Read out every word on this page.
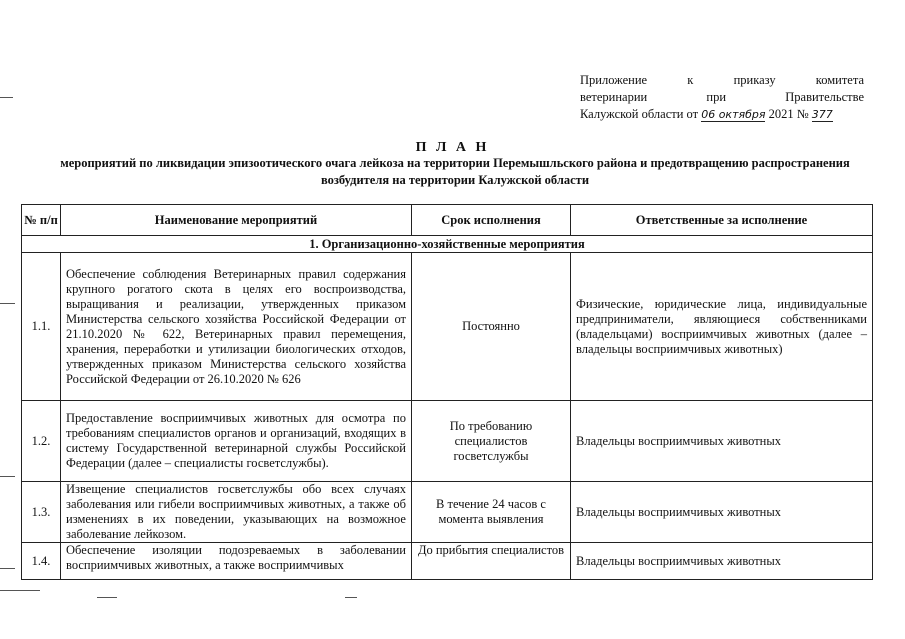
Приложение к приказу комитета
ветеринарии при Правительстве
Калужской области от 06 октября 2021 № 377
П Л А Н
мероприятий по ликвидации эпизоотического очага лейкоза на территории Перемышльского района и предотвращению распространения возбудителя на территории Калужской области
№ п/п	Наименование мероприятий	Срок исполнения	Ответственные за исполнение
1. Организационно-хозяйственные мероприятия			
1.1.	Обеспечение соблюдения Ветеринарных правил содержания крупного рогатого скота в целях его воспроизводства, выращивания и реализации, утвержденных приказом Министерства сельского хозяйства Российской Федерации от 21.10.2020 № 622, Ветеринарных правил перемещения, хранения, переработки и утилизации биологических отходов, утвержденных приказом Министерства сельского хозяйства Российской Федерации от 26.10.2020 № 626	Постоянно	Физические, юридические лица, индивидуальные предприниматели, являющиеся собственниками (владельцами) восприимчивых животных (далее – владельцы восприимчивых животных)
1.2.	Предоставление восприимчивых животных для осмотра по требованиям специалистов органов и организаций, входящих в систему Государственной ветеринарной службы Российской Федерации (далее – специалисты госветслужбы).	По требованию специалистов госветслужбы	Владельцы восприимчивых животных
1.3.	Извещение специалистов госветслужбы обо всех случаях заболевания или гибели восприимчивых животных, а также об изменениях в их поведении, указывающих на возможное заболевание лейкозом.	В течение 24 часов с момента выявления	Владельцы восприимчивых животных
1.4.	Обеспечение изоляции подозреваемых в заболевании восприимчивых животных, а также восприимчивых	До прибытия специалистов	Владельцы восприимчивых животных
